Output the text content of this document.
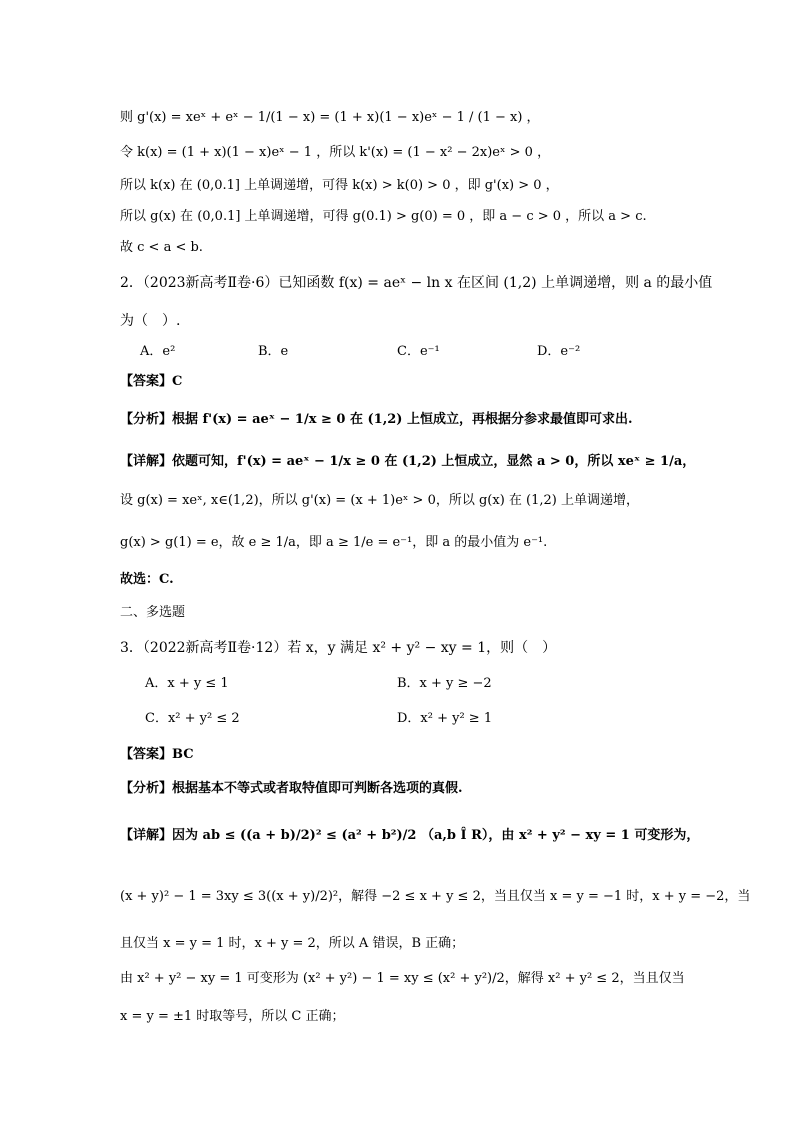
则 g'(x) = xeˣ + eˣ − 1/(1 − x) = (1 + x)(1 − x)eˣ − 1 / (1 − x) ，
令 k(x) = (1 + x)(1 − x)eˣ − 1 ，所以 k'(x) = (1 − x² − 2x)eˣ > 0 ，
所以 k(x) 在 (0,0.1] 上单调递增，可得 k(x) > k(0) > 0 ，即 g'(x) > 0 ，
所以 g(x) 在 (0,0.1] 上单调递增，可得 g(0.1) > g(0) = 0 ，即 a − c > 0 ，所以 a > c.
故 c < a < b.
2．（2023新高考Ⅱ卷·6）已知函数 f(x) = aeˣ − ln x 在区间 (1,2) 上单调递增，则 a 的最小值
为（　）.
A．e²	B．e	C．e⁻¹	D．e⁻²
【答案】C
【分析】根据 f'(x) = aeˣ − 1/x ≥ 0 在 (1,2) 上恒成立，再根据分参求最值即可求出.
【详解】依题可知，f'(x) = aeˣ − 1/x ≥ 0 在 (1,2) 上恒成立，显然 a > 0，所以 xeˣ ≥ 1/a，
设 g(x) = xeˣ, x∈(1,2)，所以 g'(x) = (x + 1)eˣ > 0，所以 g(x) 在 (1,2) 上单调递增，
g(x) > g(1) = e，故 e ≥ 1/a，即 a ≥ 1/e = e⁻¹，即 a 的最小值为 e⁻¹.
故选：C.
二、多选题
3．（2022新高考Ⅱ卷·12）若 x，y 满足 x² + y² − xy = 1，则（　）
A．x + y ≤ 1	B．x + y ≥ −2
C．x² + y² ≤ 2	D．x² + y² ≥ 1
【答案】BC
【分析】根据基本不等式或者取特值即可判断各选项的真假.
【详解】因为 ab ≤ ((a + b)/2)² ≤ (a² + b²)/2 （a,b Î R），由 x² + y² − xy = 1 可变形为，
(x + y)² − 1 = 3xy ≤ 3((x + y)/2)²，解得 −2 ≤ x + y ≤ 2，当且仅当 x = y = −1 时，x + y = −2，当
且仅当 x = y = 1 时，x + y = 2，所以 A 错误，B 正确；
由 x² + y² − xy = 1 可变形为 (x² + y²) − 1 = xy ≤ (x² + y²)/2，解得 x² + y² ≤ 2，当且仅当
x = y = ±1 时取等号，所以 C 正确；
